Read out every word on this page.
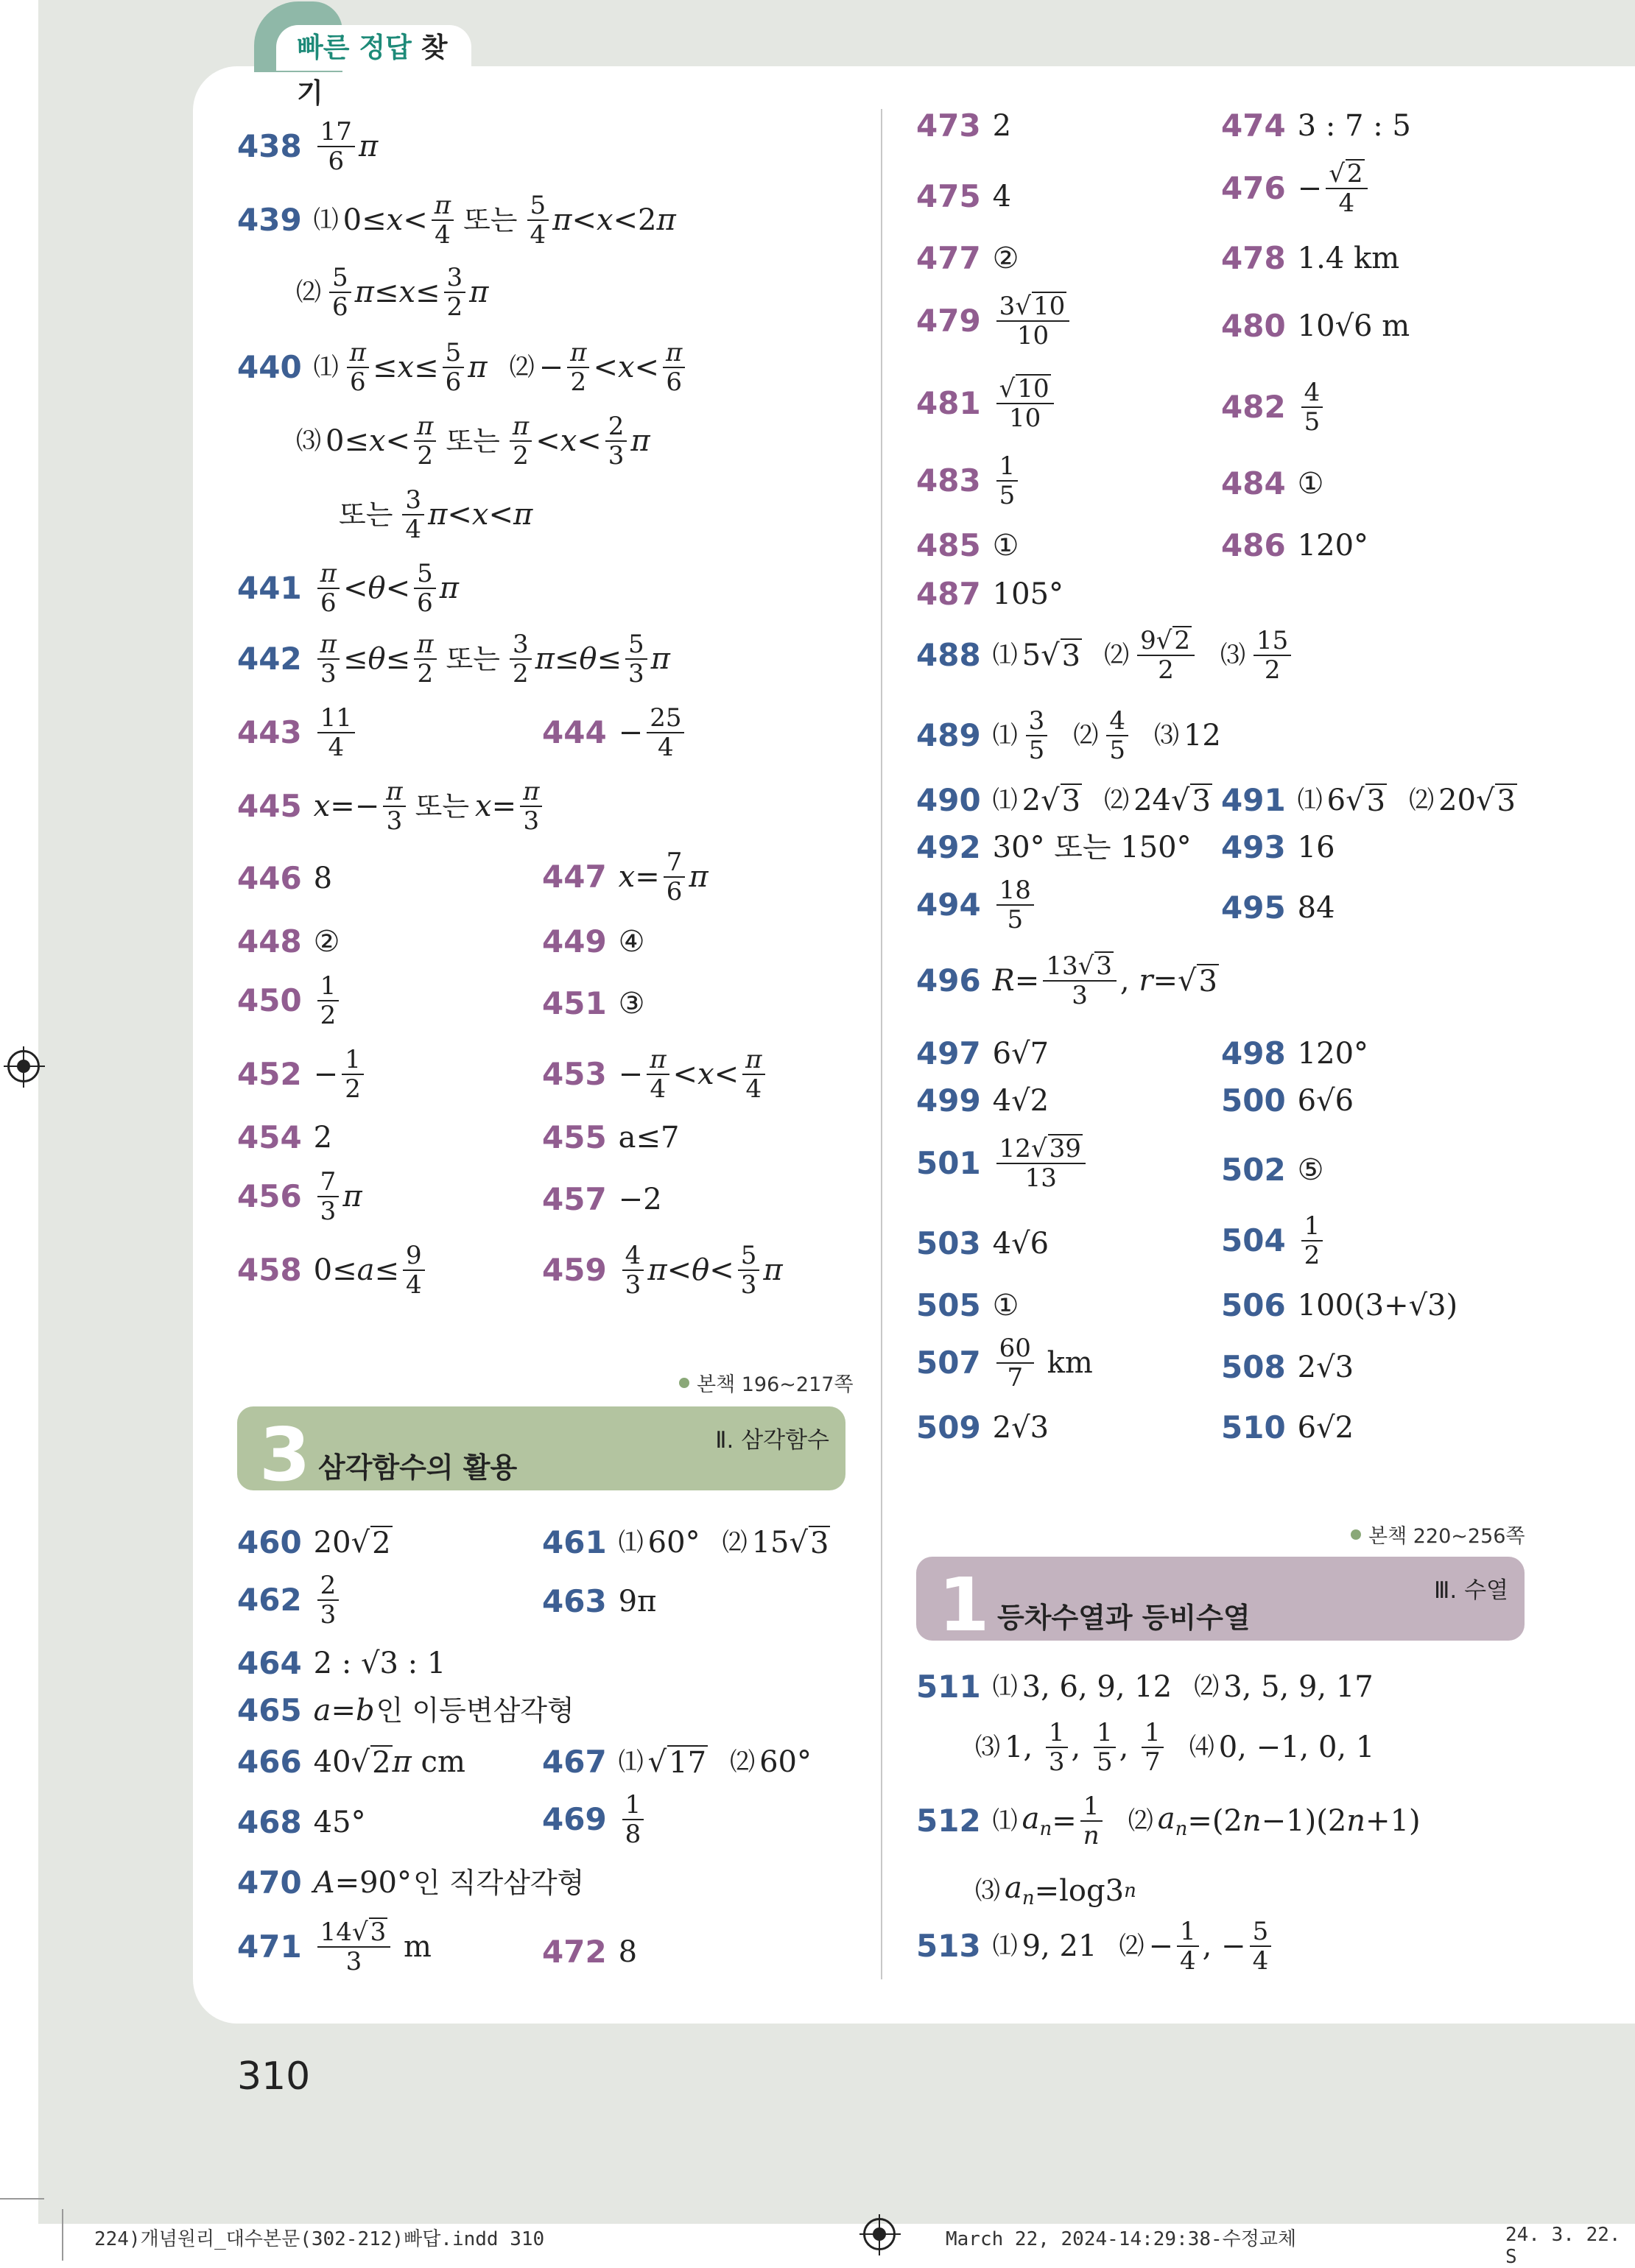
빠른 정답 찾기
$438 \frac{17}{6}$ π
439 ⑴ $0\le x < \frac{\pi}{4}$ 또는 $\frac{5}{4}$ π < x <2 π
⑵ $\frac{5}{6}$ $\pi \le x \le \frac{3}{2}$ π
440 ⑴ $\frac{\pi}{6} \le x \le \frac{5}{6}$ π ⑵ − $\frac{\pi}{2} < x < \frac{\pi}{6}$
⑶ $0\le x < \frac{\pi}{2}$ 또는 $\frac{\pi}{2} < x < \frac{2}{3}$ π
또는 $\frac{3}{4}$ π < x < π
$441 \frac{\pi}{6} < \theta < \frac{5}{6}$ π
$442 \frac{\pi}{3} \le \theta \le \frac{\pi}{2}$ 또는 $\frac{3}{2}$ $\pi \le \theta \le \frac{5}{3}$ π
$443 \frac{11}{4}$	$444 - \frac{25}{4}$
445 $x =- \frac{\pi}{3}$ 또는 $x = \frac{\pi}{3}$
446 8	447 $x = \frac{7}{6}$ π
448 ②	449 ④
$450 \frac{1}{2}$	451 ③
$452 - \frac{1}{2}$	$453 - \frac{\pi}{4} < x < \frac{\pi}{4}$
454 2	455 a≤7
$456 \frac{7}{3}$ π	457 −2
458 $0\le a \le \frac{9}{4}$	$459 \frac{4}{3}$ $\pi < \theta < \frac{5}{3}$ π
본책 196~217쪽
3 삼각함수의 활용
Ⅱ. 삼각함수
460 20 √ 2	461 ⑴ 60° ⑵ 15 √ 3
$462 \frac{2}{3}$	463 9π
464 2 : √3 : 1
465 a = b 인 이등변삼각형
466 40 √ 2 π cm 467 ⑴ √ 17 ⑵ 60°
468 45°	$469 \frac{1}{8}$
470 A =90° 인 직각삼각형
$471 \frac{14√3}{3}$ m	472 8
473 2	474 3 : 7 : 5
475 4	$476 - \frac{√2}{4}$
477 ②	478 1.4 km
$479 \frac{3√10}{10}$	480 10√6 m
$481 \frac{√10}{10}$	$482 \frac{4}{5}$
$483 \frac{1}{5}$	484 ①
485 ①	486 120°
487 105°
488 ⑴ 5 √ 3 ⑵ $\frac{9√2}{2}$ ⑶ $\frac{15}{2}$
489 ⑴ $\frac{3}{5}$ ⑵ $\frac{4}{5}$ ⑶ 12
490 ⑴ 2 √ 3 ⑵ 24 √ 3 491 ⑴ 6 √ 3 ⑵ 20 √ 3
492 30° 또는 150° 493 16
$494 \frac{18}{5}$	495 84
496 $R = \frac{13√3}{3}$ , r = √ 3
497 6√7	498 120°
499 4√2	500 6√6
$501 \frac{12√39}{13}$	502 ⑤
503 4√6	$504 \frac{1}{2}$
505 ①	506 100(3+√3)
$507 \frac{60}{7}$ km	508 2√3
509 2√3	510 6√2
본책 220~256쪽
1 등차수열과 등비수열
Ⅲ. 수열
511 ⑴ 3, 6, 9, 12 ⑵ 3, 5, 9, 17
⑶ 1, $\frac{1}{3}$ , $\frac{1}{5}$ , $\frac{1}{7}$ ⑷ 0, −1, 0, 1
512 ⑴ $a_n = \frac{1}{n}$ ⑵ $a_n =(2$ n −1)(2 n +1)
⑶ $a_n =\log 3$ n
513 ⑴ 9, 21 ⑵ − $\frac{1}{4}$ , − $\frac{5}{4}$
310
224)개념원리_대수본문(302-212)빠답.indd 310	March 22, 2024-14:29:38-수정교체	24. 3. 22. S
